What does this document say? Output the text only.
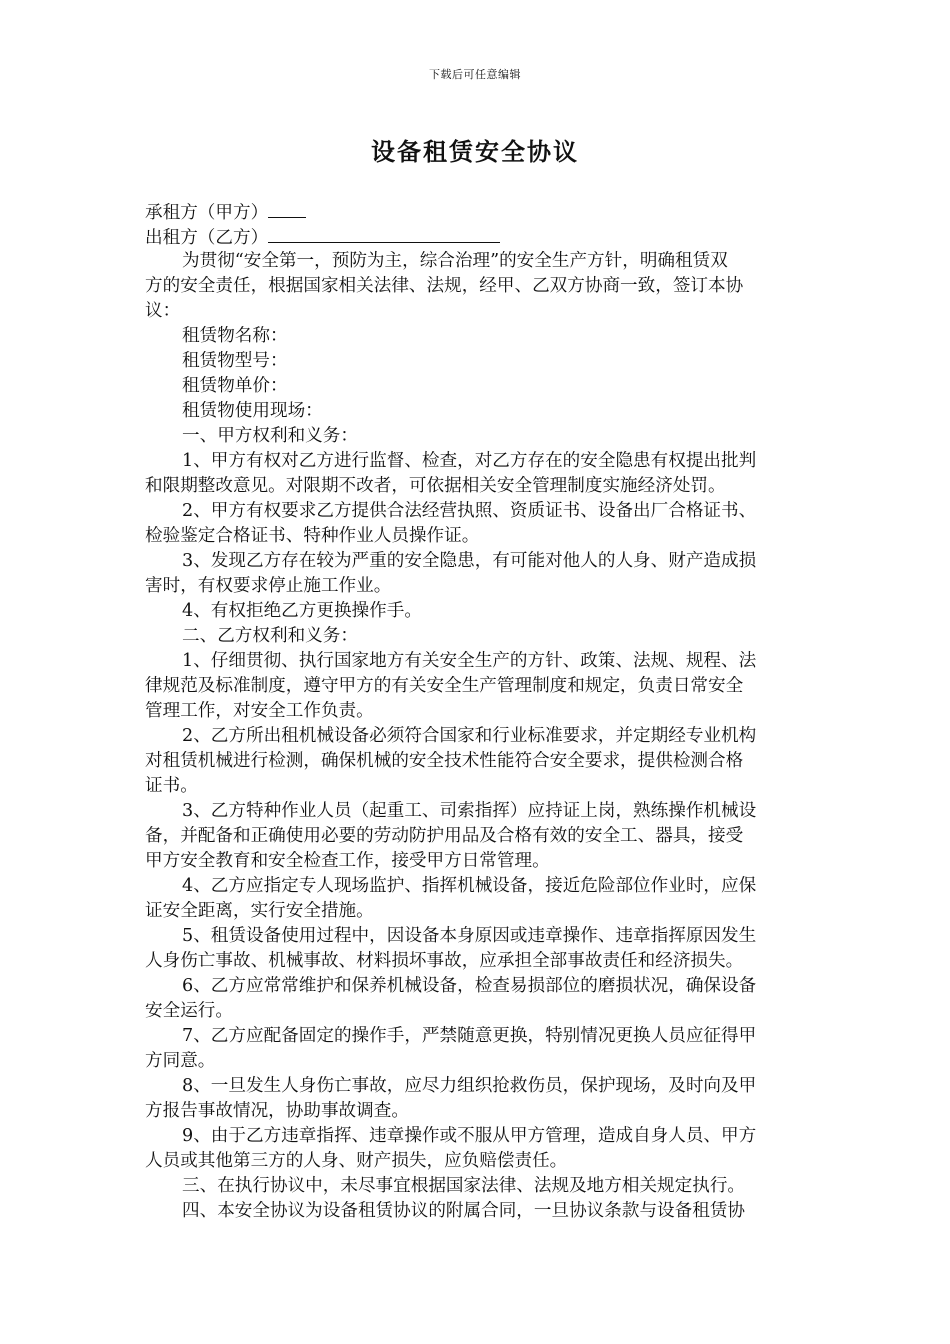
下载后可任意编辑
设备租赁安全协议
承租方（甲方）
出租方（乙方）
为贯彻“安全第一，预防为主，综合治理”的安全生产方针，明确租赁双
方的安全责任，根据国家相关法律、法规，经甲、乙双方协商一致，签订本协
议：
租赁物名称：
租赁物型号：
租赁物单价：
租赁物使用现场：
一、甲方权利和义务：
1、甲方有权对乙方进行监督、检查，对乙方存在的安全隐患有权提出批判
和限期整改意见。对限期不改者，可依据相关安全管理制度实施经济处罚。
2、甲方有权要求乙方提供合法经营执照、资质证书、设备出厂合格证书、
检验鉴定合格证书、特种作业人员操作证。
3、发现乙方存在较为严重的安全隐患，有可能对他人的人身、财产造成损
害时，有权要求停止施工作业。
4、有权拒绝乙方更换操作手。
二、乙方权利和义务：
1、仔细贯彻、执行国家地方有关安全生产的方针、政策、法规、规程、法
律规范及标准制度，遵守甲方的有关安全生产管理制度和规定，负责日常安全
管理工作，对安全工作负责。
2、乙方所出租机械设备必须符合国家和行业标准要求，并定期经专业机构
对租赁机械进行检测，确保机械的安全技术性能符合安全要求，提供检测合格
证书。
3、乙方特种作业人员（起重工、司索指挥）应持证上岗，熟练操作机械设
备，并配备和正确使用必要的劳动防护用品及合格有效的安全工、器具，接受
甲方安全教育和安全检查工作，接受甲方日常管理。
4、乙方应指定专人现场监护、指挥机械设备，接近危险部位作业时，应保
证安全距离，实行安全措施。
5、租赁设备使用过程中，因设备本身原因或违章操作、违章指挥原因发生
人身伤亡事故、机械事故、材料损坏事故，应承担全部事故责任和经济损失。
6、乙方应常常维护和保养机械设备，检查易损部位的磨损状况，确保设备
安全运行。
7、乙方应配备固定的操作手，严禁随意更换，特别情况更换人员应征得甲
方同意。
8、一旦发生人身伤亡事故，应尽力组织抢救伤员，保护现场，及时向及甲
方报告事故情况，协助事故调查。
9、由于乙方违章指挥、违章操作或不服从甲方管理，造成自身人员、甲方
人员或其他第三方的人身、财产损失，应负赔偿责任。
三、在执行协议中，未尽事宜根据国家法律、法规及地方相关规定执行。
四、本安全协议为设备租赁协议的附属合同，一旦协议条款与设备租赁协
